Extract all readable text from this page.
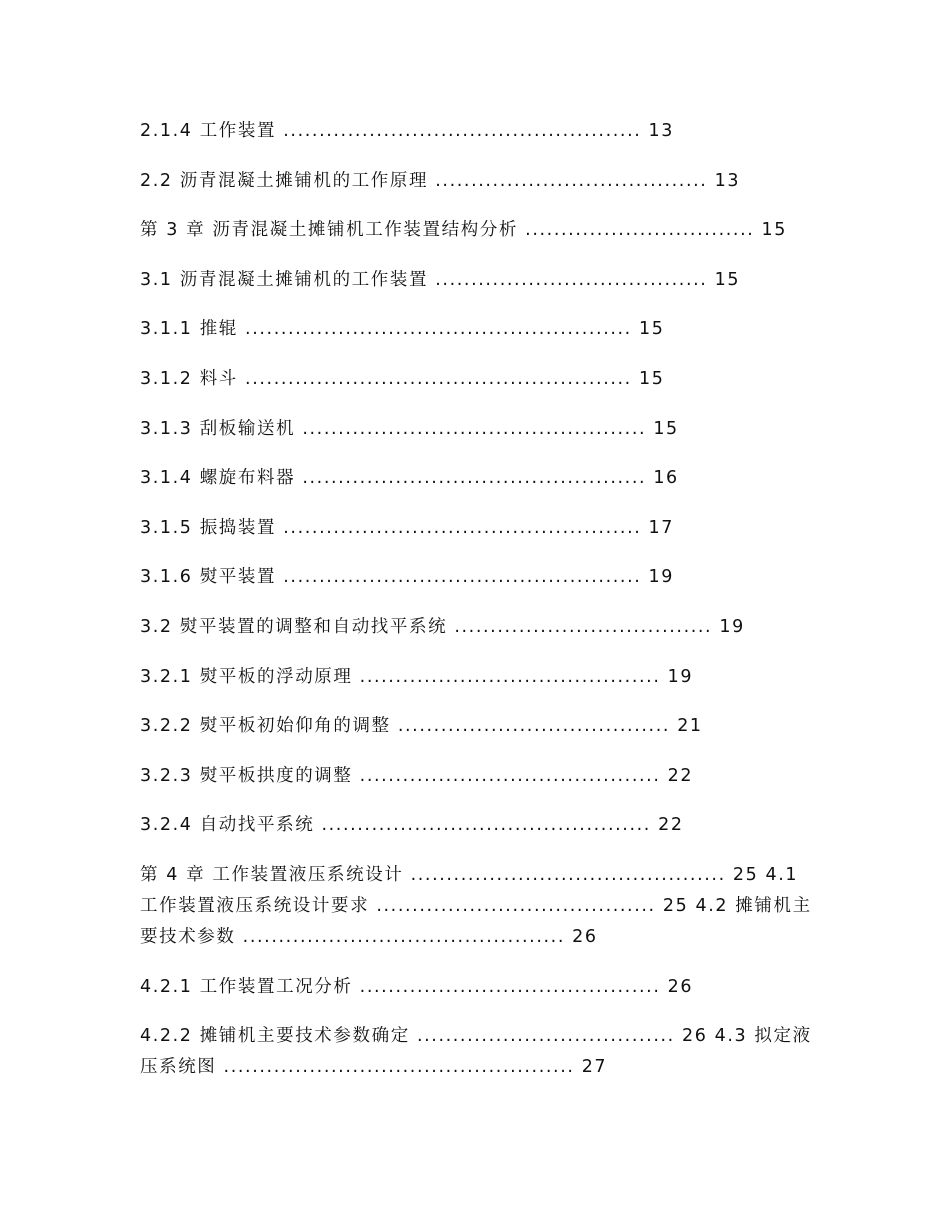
2.1.4 工作装置 .................................................. 13
2.2 沥青混凝土摊铺机的工作原理 ...................................... 13
第 3 章 沥青混凝土摊铺机工作装置结构分析 ................................ 15
3.1 沥青混凝土摊铺机的工作装置 ...................................... 15
3.1.1 推辊 ...................................................... 15
3.1.2 料斗 ...................................................... 15
3.1.3 刮板输送机 ................................................ 15
3.1.4 螺旋布料器 ................................................ 16
3.1.5 振捣装置 .................................................. 17
3.1.6 熨平装置 .................................................. 19
3.2 熨平装置的调整和自动找平系统 .................................... 19
3.2.1 熨平板的浮动原理 .......................................... 19
3.2.2 熨平板初始仰角的调整 ...................................... 21
3.2.3 熨平板拱度的调整 .......................................... 22
3.2.4 自动找平系统 .............................................. 22
第 4 章 工作装置液压系统设计 ............................................ 25 4.1 工作装置液压系统设计要求 ....................................... 25 4.2 摊铺机主要技术参数 ............................................. 26
4.2.1 工作装置工况分析 .......................................... 26
4.2.2 摊铺机主要技术参数确定 .................................... 26 4.3 拟定液压系统图 ................................................. 27
